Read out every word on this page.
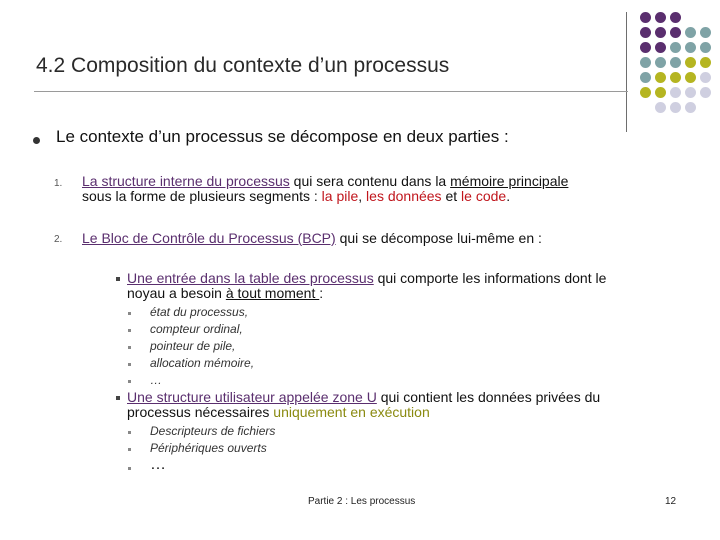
4.2 Composition du contexte d’un processus
Le contexte d’un processus se décompose en deux parties :
1. La structure interne du processus qui sera contenu dans la mémoire principale
sous la forme de plusieurs segments : la pile, les données et le code.
2. Le Bloc de Contrôle du Processus (BCP) qui se décompose lui-même en :
Une entrée dans la table des processus qui comporte les informations dont le
noyau a besoin à tout moment :
état du processus,
compteur ordinal,
pointeur de pile,
allocation mémoire,
…
Une structure utilisateur appelée zone U qui contient les données privées du
processus nécessaires uniquement en exécution
Descripteurs de fichiers
Périphériques ouverts
…
Partie 2 : Les processus	12
